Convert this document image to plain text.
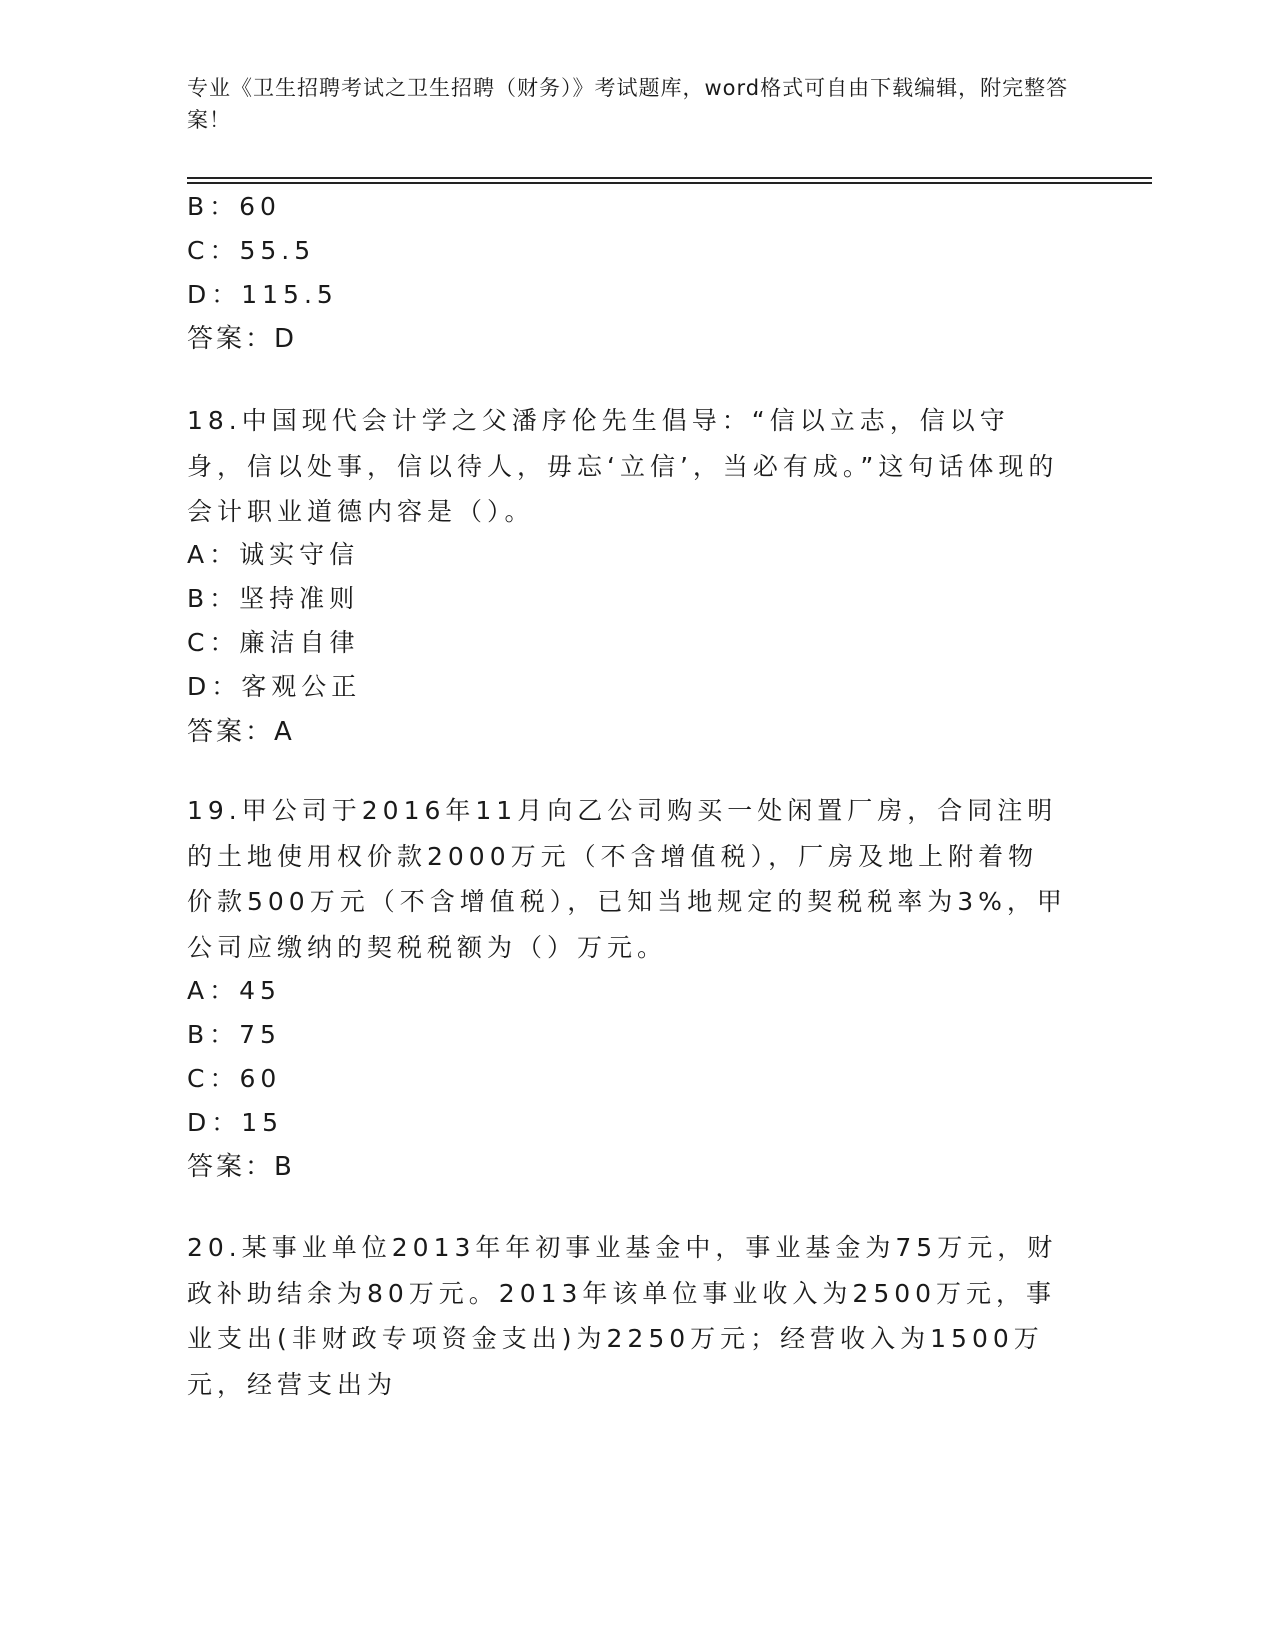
专业《卫生招聘考试之卫生招聘（财务）》考试题库，word格式可自由下载编辑，附完整答案！
B：60
C：55.5
D：115.5
答案：D
18.中国现代会计学之父潘序伦先生倡导：“信以立志，信以守身，信以处事，信以待人，毋忘‘立信’，当必有成。”这句话体现的会计职业道德内容是（）。
A：诚实守信
B：坚持准则
C：廉洁自律
D：客观公正
答案：A
19.甲公司于2016年11月向乙公司购买一处闲置厂房，合同注明的土地使用权价款2000万元（不含增值税），厂房及地上附着物价款500万元（不含增值税），已知当地规定的契税税率为3%，甲公司应缴纳的契税税额为（）万元。
A：45
B：75
C：60
D：15
答案：B
20.某事业单位2013年年初事业基金中，事业基金为75万元，财政补助结余为80万元。2013年该单位事业收入为2500万元，事业支出(非财政专项资金支出)为2250万元；经营收入为1500万元，经营支出为
